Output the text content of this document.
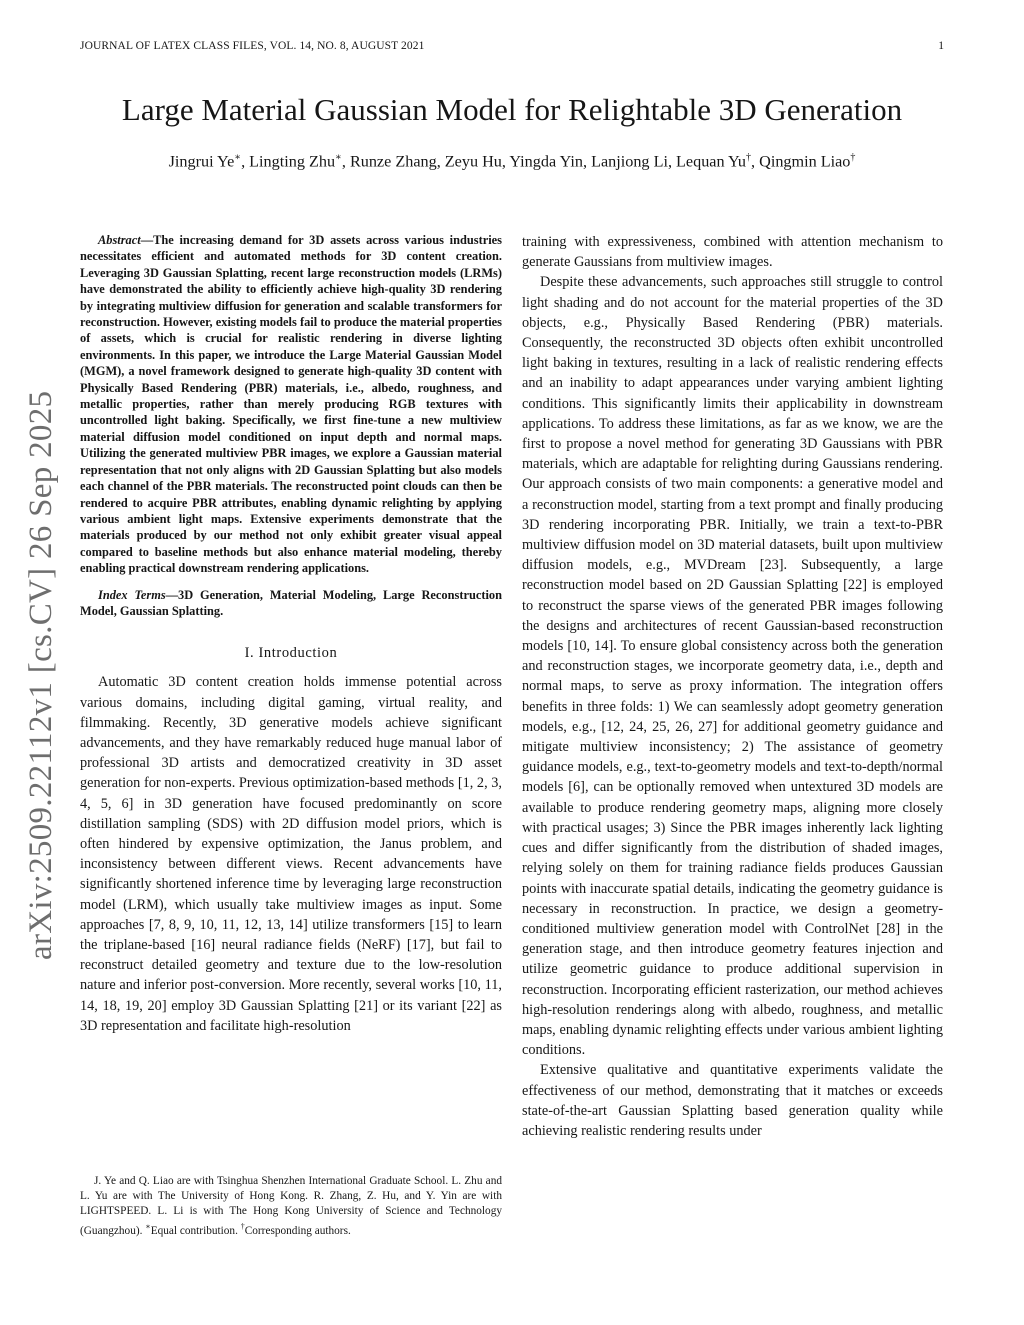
JOURNAL OF LATEX CLASS FILES, VOL. 14, NO. 8, AUGUST 2021	1
Large Material Gaussian Model for Relightable 3D Generation
Jingrui Ye∗, Lingting Zhu∗, Runze Zhang, Zeyu Hu, Yingda Yin, Lanjiong Li, Lequan Yu†, Qingmin Liao†
arXiv:2509.22112v1 [cs.CV] 26 Sep 2025

Abstract—The increasing demand for 3D assets across various industries necessitates efficient and automated methods for 3D content creation. Leveraging 3D Gaussian Splatting, recent large reconstruction models (LRMs) have demonstrated the ability to efficiently achieve high-quality 3D rendering by integrating multiview diffusion for generation and scalable transformers for reconstruction. However, existing models fail to produce the material properties of assets, which is crucial for realistic rendering in diverse lighting environments. In this paper, we introduce the Large Material Gaussian Model (MGM), a novel framework designed to generate high-quality 3D content with Physically Based Rendering (PBR) materials, i.e., albedo, roughness, and metallic properties, rather than merely producing RGB textures with uncontrolled light baking. Specifically, we first fine-tune a new multiview material diffusion model conditioned on input depth and normal maps. Utilizing the generated multiview PBR images, we explore a Gaussian material representation that not only aligns with 2D Gaussian Splatting but also models each channel of the PBR materials. The reconstructed point clouds can then be rendered to acquire PBR attributes, enabling dynamic relighting by applying various ambient light maps. Extensive experiments demonstrate that the materials produced by our method not only exhibit greater visual appeal compared to baseline methods but also enhance material modeling, thereby enabling practical downstream rendering applications.

Index Terms—3D Generation, Material Modeling, Large Reconstruction Model, Gaussian Splatting.

I. Introduction

Automatic 3D content creation holds immense potential across various domains, including digital gaming, virtual reality, and filmmaking. Recently, 3D generative models achieve significant advancements, and they have remarkably reduced huge manual labor of professional 3D artists and democratized creativity in 3D asset generation for non-experts. Previous optimization-based methods [1, 2, 3, 4, 5, 6] in 3D generation have focused predominantly on score distillation sampling (SDS) with 2D diffusion model priors, which is often hindered by expensive optimization, the Janus problem, and inconsistency between different views. Recent advancements have significantly shortened inference time by leveraging large reconstruction model (LRM), which usually take multiview images as input. Some approaches [7, 8, 9, 10, 11, 12, 13, 14] utilize transformers [15] to learn the triplane-based [16] neural radiance fields (NeRF) [17], but fail to reconstruct detailed geometry and texture due to the low-resolution nature and inferior post-conversion. More recently, several works [10, 11, 14, 18, 19, 20] employ 3D Gaussian Splatting [21] or its variant [22] as 3D representation and facilitate high-resolution

training with expressiveness, combined with attention mechanism to generate Gaussians from multiview images.

Despite these advancements, such approaches still struggle to control light shading and do not account for the material properties of the 3D objects, e.g., Physically Based Rendering (PBR) materials. Consequently, the reconstructed 3D objects often exhibit uncontrolled light baking in textures, resulting in a lack of realistic rendering effects and an inability to adapt appearances under varying ambient lighting conditions. This significantly limits their applicability in downstream applications. To address these limitations, as far as we know, we are the first to propose a novel method for generating 3D Gaussians with PBR materials, which are adaptable for relighting during Gaussians rendering. Our approach consists of two main components: a generative model and a reconstruction model, starting from a text prompt and finally producing 3D rendering incorporating PBR. Initially, we train a text-to-PBR multiview diffusion model on 3D material datasets, built upon multiview diffusion models, e.g., MVDream [23]. Subsequently, a large reconstruction model based on 2D Gaussian Splatting [22] is employed to reconstruct the sparse views of the generated PBR images following the designs and architectures of recent Gaussian-based reconstruction models [10, 14]. To ensure global consistency across both the generation and reconstruction stages, we incorporate geometry data, i.e., depth and normal maps, to serve as proxy information. The integration offers benefits in three folds: 1) We can seamlessly adopt geometry generation models, e.g., [12, 24, 25, 26, 27] for additional geometry guidance and mitigate multiview inconsistency; 2) The assistance of geometry guidance models, e.g., text-to-geometry models and text-to-depth/normal models [6], can be optionally removed when untextured 3D models are available to produce rendering geometry maps, aligning more closely with practical usages; 3) Since the PBR images inherently lack lighting cues and differ significantly from the distribution of shaded images, relying solely on them for training radiance fields produces Gaussian points with inaccurate spatial details, indicating the geometry guidance is necessary in reconstruction. In practice, we design a geometry-conditioned multiview generation model with ControlNet [28] in the generation stage, and then introduce geometry features injection and utilize geometric guidance to produce additional supervision in reconstruction. Incorporating efficient rasterization, our method achieves high-resolution renderings along with albedo, roughness, and metallic maps, enabling dynamic relighting effects under various ambient lighting conditions.

Extensive qualitative and quantitative experiments validate the effectiveness of our method, demonstrating that it matches or exceeds state-of-the-art Gaussian Splatting based generation quality while achieving realistic rendering results under

J. Ye and Q. Liao are with Tsinghua Shenzhen International Graduate School. L. Zhu and L. Yu are with The University of Hong Kong. R. Zhang, Z. Hu, and Y. Yin are with LIGHTSPEED. L. Li is with The Hong Kong University of Science and Technology (Guangzhou). ∗Equal contribution. †Corresponding authors.
